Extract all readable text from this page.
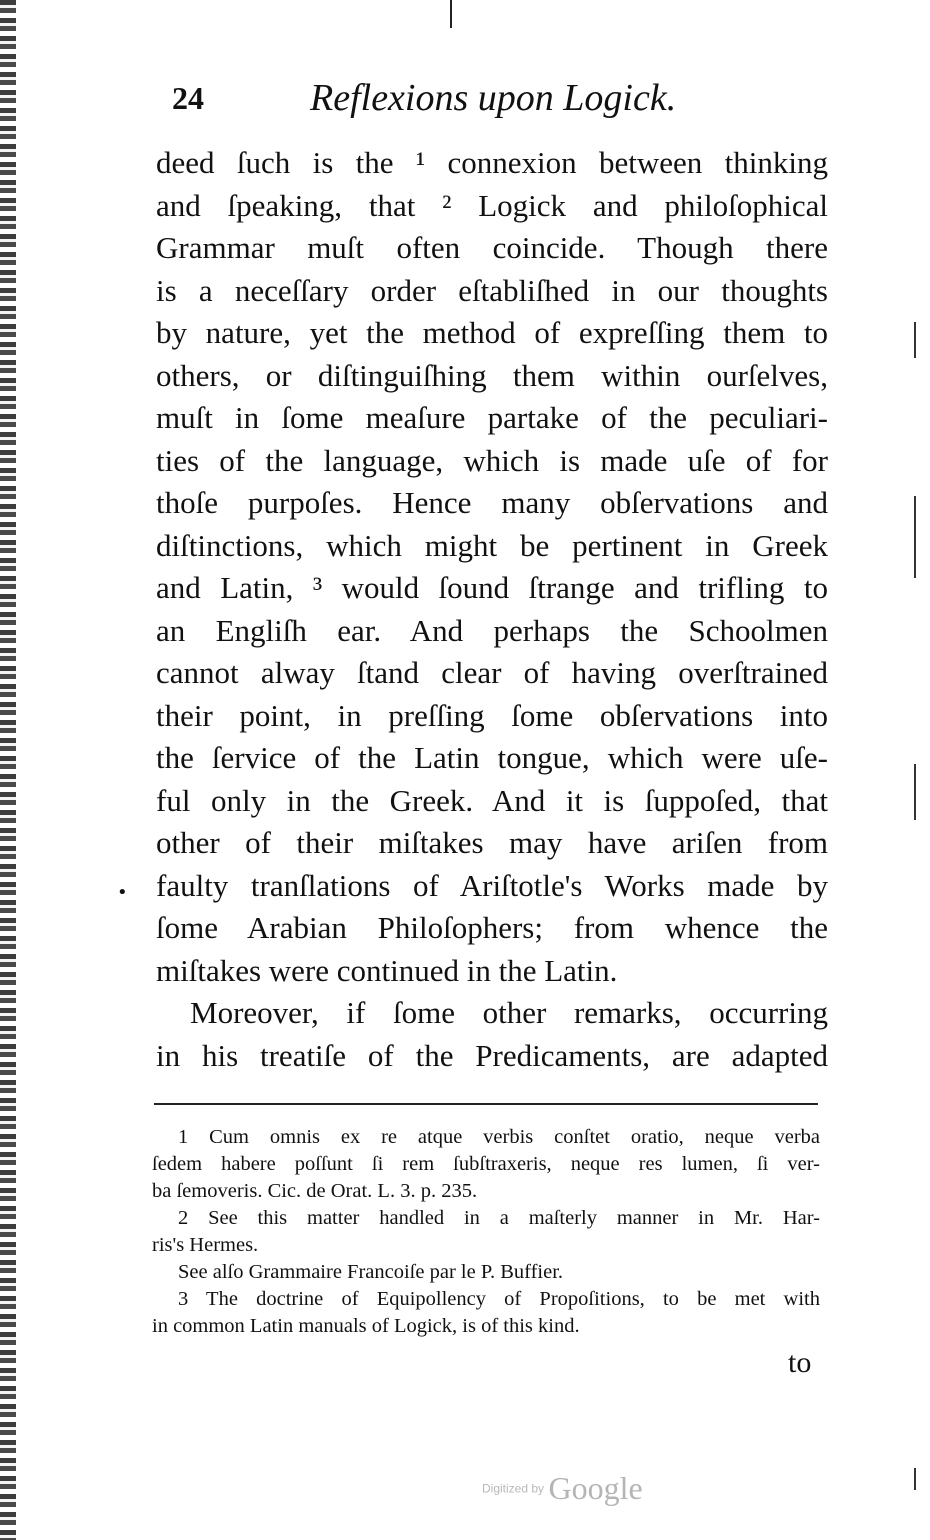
24	Reflexions upon Logick.
deed ſuch is the ¹ connexion between thinking
and ſpeaking, that ² Logick and philoſophical
Grammar muſt often coincide. Though there
is a neceſſary order eſtabliſhed in our thoughts
by nature, yet the method of expreſſing them to
others, or diſtinguiſhing them within ourſelves,
muſt in ſome meaſure partake of the peculiari-
ties of the language, which is made uſe of for
thoſe purpoſes. Hence many obſervations and
diſtinctions, which might be pertinent in Greek
and Latin, ³ would ſound ſtrange and trifling to
an Engliſh ear. And perhaps the Schoolmen
cannot alway ſtand clear of having overſtrained
their point, in preſſing ſome obſervations into
the ſervice of the Latin tongue, which were uſe-
ful only in the Greek. And it is ſuppoſed, that
other of their miſtakes may have ariſen from
faulty tranſlations of Ariſtotle's Works made by
ſome Arabian Philoſophers; from whence the
miſtakes were continued in the Latin.
Moreover, if ſome other remarks, occurring
in his treatiſe of the Predicaments, are adapted
•
1 Cum omnis ex re atque verbis conſtet oratio, neque verba
ſedem habere poſſunt ſi rem ſubſtraxeris, neque res lumen, ſi ver-
ba ſemoveris. Cic. de Orat. L. 3. p. 235.
2 See this matter handled in a maſterly manner in Mr. Har-
ris's Hermes.
See alſo Grammaire Francoiſe par le P. Buffier.
3 The doctrine of Equipollency of Propoſitions, to be met with
in common Latin manuals of Logick, is of this kind.
to
Digitized by Google
